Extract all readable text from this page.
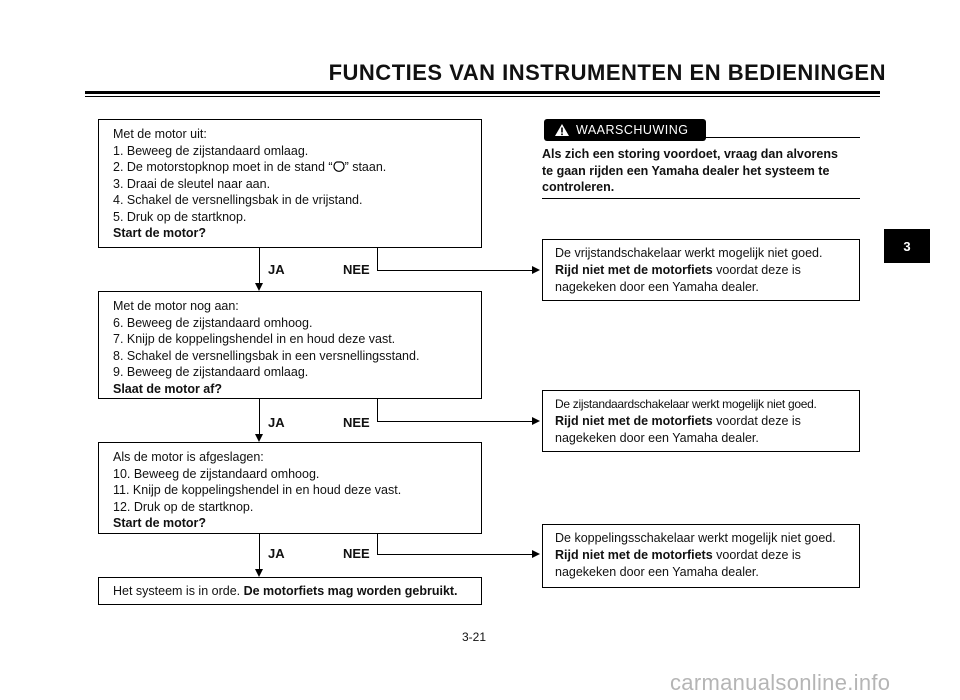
FUNCTIES VAN INSTRUMENTEN EN BEDIENINGEN
Met de motor uit:
1. Beweeg de zijstandaard omlaag.
2. De motorstopknop moet in de stand “ ” staan.
3. Draai de sleutel naar aan.
4. Schakel de versnellingsbak in de vrijstand.
5. Druk op de startknop.
Start de motor?
JA	NEE
De vrijstandschakelaar werkt mogelijk niet goed.
Rijd niet met de motorfiets voordat deze is
nagekeken door een Yamaha dealer.
Met de motor nog aan:
6. Beweeg de zijstandaard omhoog.
7. Knijp de koppelingshendel in en houd deze vast.
8. Schakel de versnellingsbak in een versnellingsstand.
9. Beweeg de zijstandaard omlaag.
Slaat de motor af?
JA	NEE
De zijstandaardschakelaar werkt mogelijk niet goed.
Rijd niet met de motorfiets voordat deze is
nagekeken door een Yamaha dealer.
Als de motor is afgeslagen:
10. Beweeg de zijstandaard omhoog.
11. Knijp de koppelingshendel in en houd deze vast.
12. Druk op de startknop.
Start de motor?
JA	NEE
De koppelingsschakelaar werkt mogelijk niet goed.
Rijd niet met de motorfiets voordat deze is
nagekeken door een Yamaha dealer.
Het systeem is in orde. De motorfiets mag worden gebruikt.
WAARSCHUWING
Als zich een storing voordoet, vraag dan alvorens
te gaan rijden een Yamaha dealer het systeem te
controleren.
3
3-21
carmanualsonline.info
